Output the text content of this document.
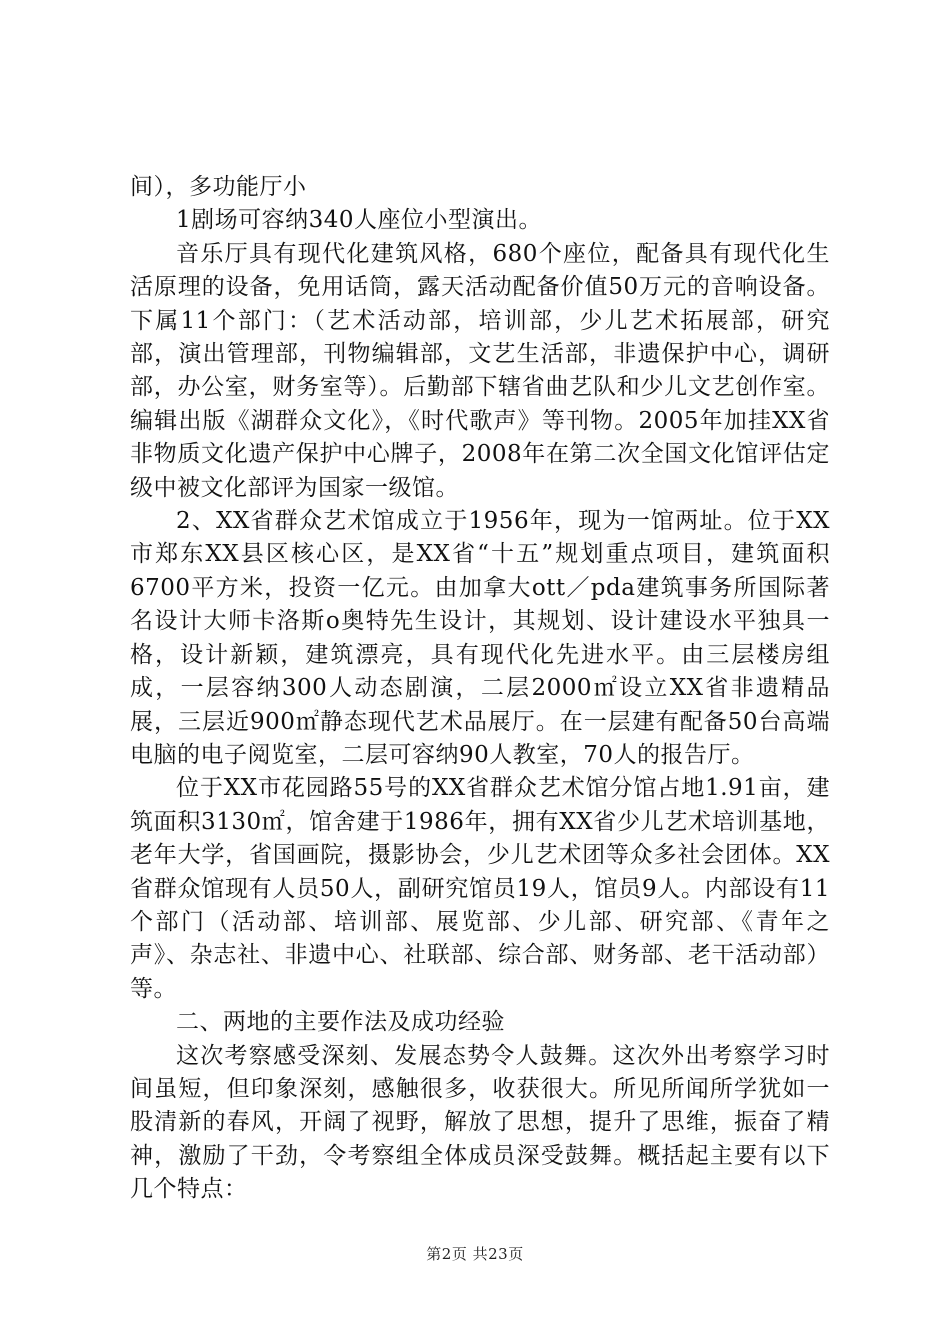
间），多功能厅小

1剧场可容纳340人座位小型演出。

音乐厅具有现代化建筑风格，680个座位，配备具有现代化生活原理的设备，免用话筒，露天活动配备价值50万元的音响设备。下属11个部门：（艺术活动部，培训部，少儿艺术拓展部，研究部，演出管理部，刊物编辑部，文艺生活部，非遗保护中心，调研部，办公室，财务室等）。后勤部下辖省曲艺队和少儿文艺创作室。编辑出版《湖群众文化》，《时代歌声》等刊物。2005年加挂XX省非物质文化遗产保护中心牌子，2008年在第二次全国文化馆评估定级中被文化部评为国家一级馆。

2、XX省群众艺术馆成立于1956年，现为一馆两址。位于XX市郑东XX县区核心区，是XX省“十五”规划重点项目，建筑面积6700平方米，投资一亿元。由加拿大ott／pda建筑事务所国际著名设计大师卡洛斯o奥特先生设计，其规划、设计建设水平独具一格，设计新颖，建筑漂亮，具有现代化先进水平。由三层楼房组成，一层容纳300人动态剧演，二层2000㎡设立XX省非遗精品展，三层近900㎡静态现代艺术品展厅。在一层建有配备50台高端电脑的电子阅览室，二层可容纳90人教室，70人的报告厅。

位于XX市花园路55号的XX省群众艺术馆分馆占地1.91亩，建筑面积3130㎡，馆舍建于1986年，拥有XX省少儿艺术培训基地，老年大学，省国画院，摄影协会，少儿艺术团等众多社会团体。XX省群众馆现有人员50人，副研究馆员19人，馆员9人。内部设有11个部门（活动部、培训部、展览部、少儿部、研究部、《青年之声》、杂志社、非遗中心、社联部、综合部、财务部、老干活动部）等。

二、两地的主要作法及成功经验

这次考察感受深刻、发展态势令人鼓舞。这次外出考察学习时间虽短，但印象深刻，感触很多，收获很大。所见所闻所学犹如一股清新的春风，开阔了视野，解放了思想，提升了思维，振奋了精神，激励了干劲，令考察组全体成员深受鼓舞。概括起主要有以下几个特点：

第2页 共23页
